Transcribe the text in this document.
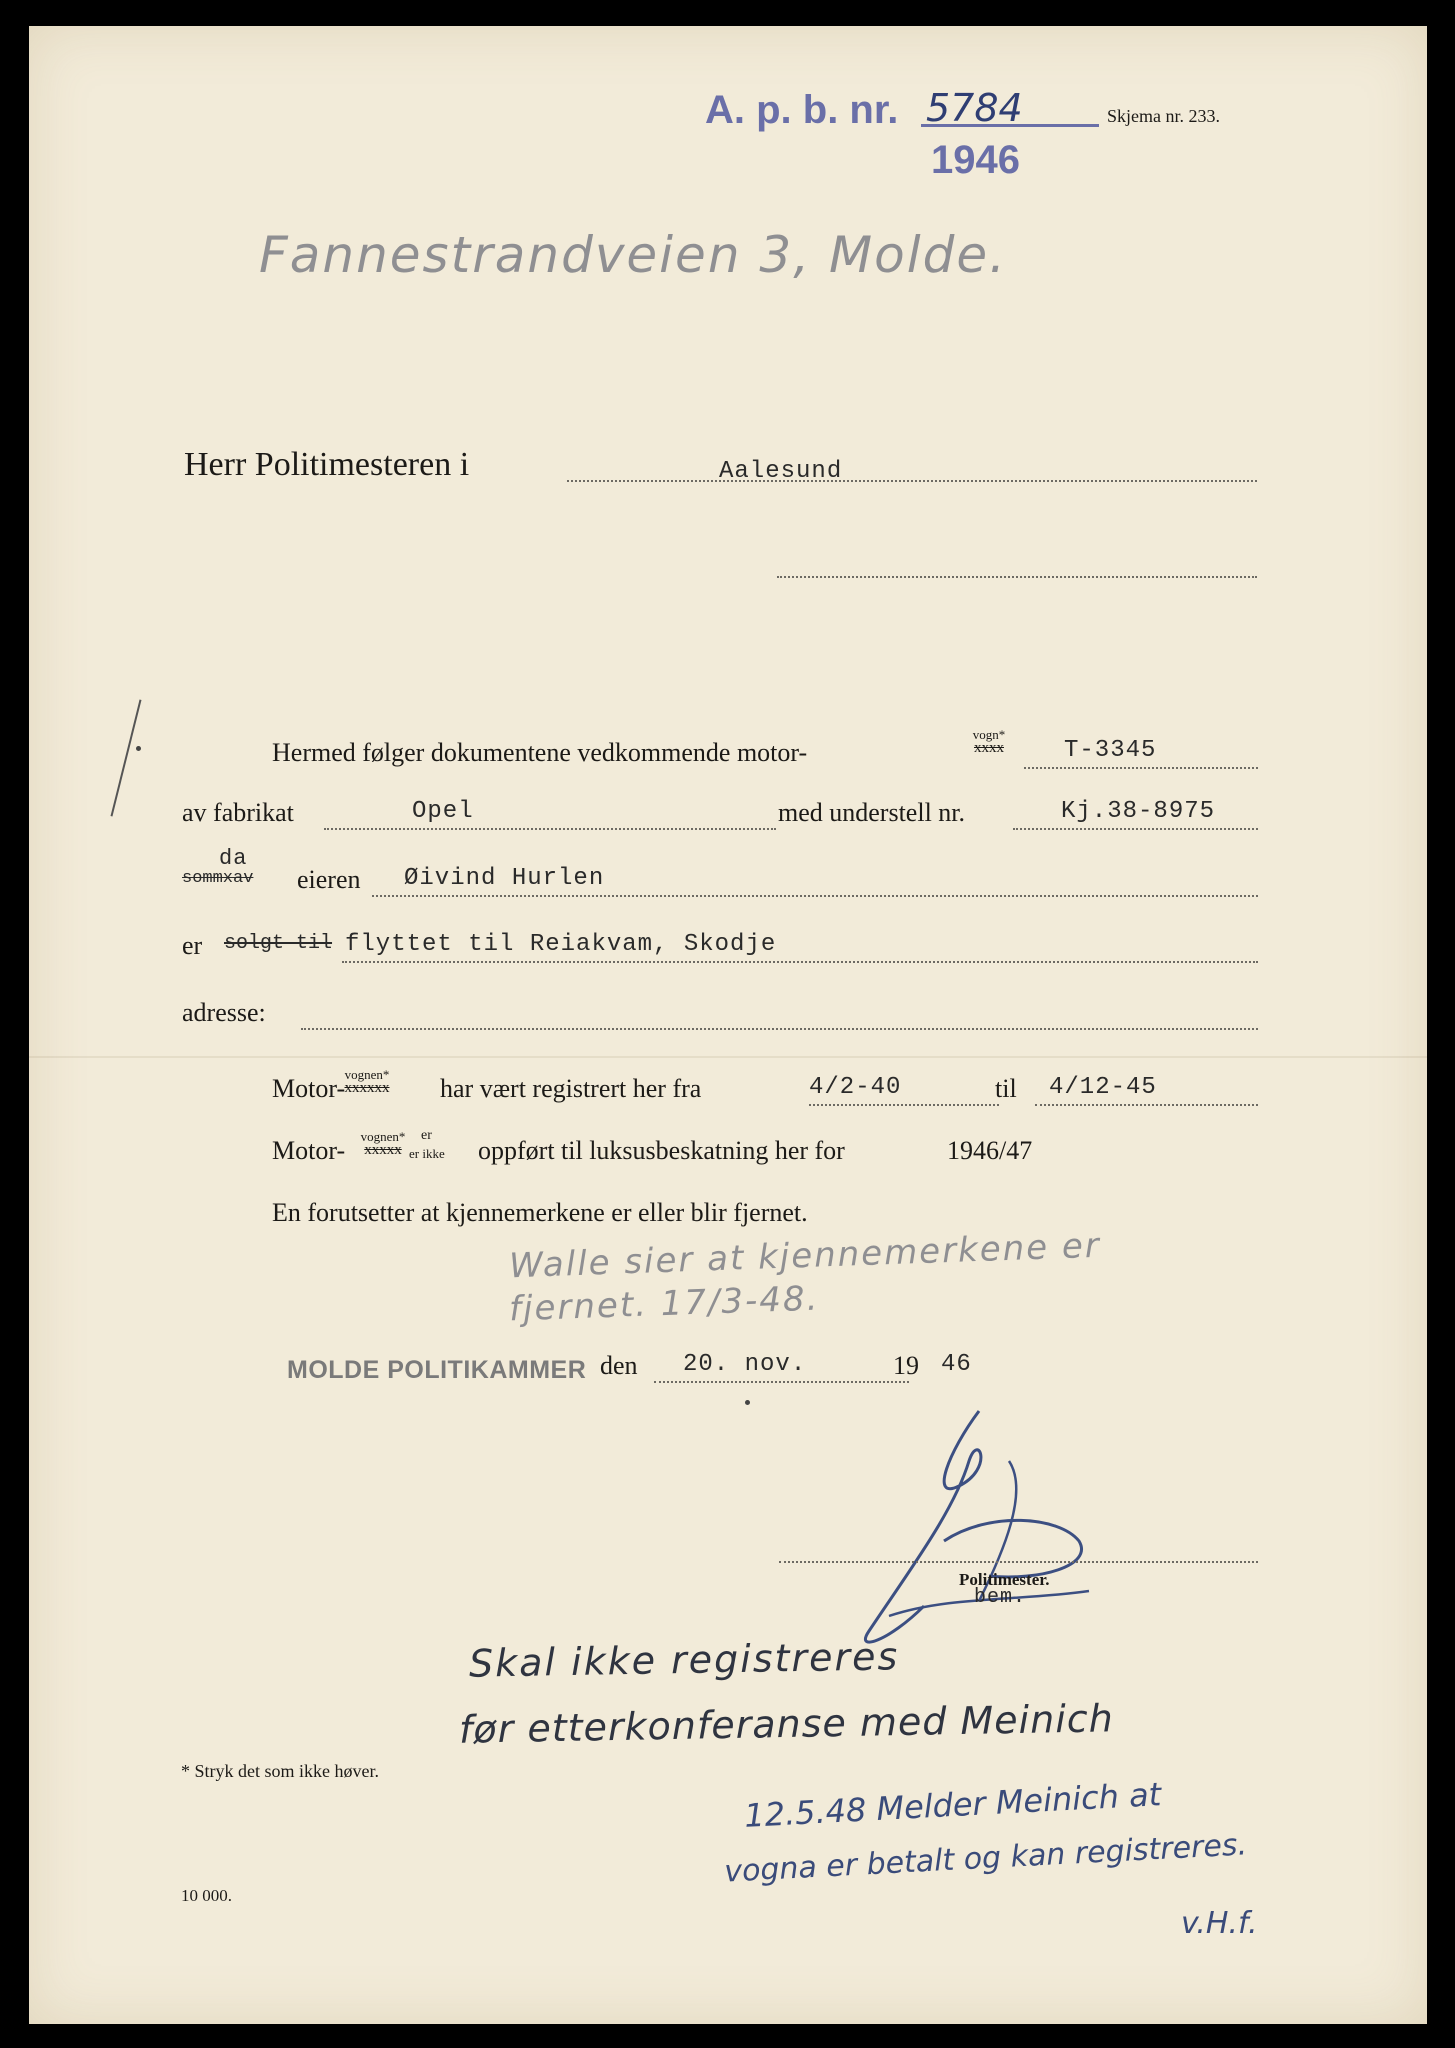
A. p. b. nr. 5784
1946
Skjema nr. 233.
Fannestrandveien 3, Molde.
Herr Politimesteren i	Aalesund
Hermed følger dokumentene vedkommende motor-
vogn*
xxxx	T-3345
av fabrikat	Opel	med understell nr.	Kj.38-8975
da
sommxav eieren Øivind Hurlen
er solgt til flyttet til Reiakvam, Skodje
adresse:
Motor- vognen*
xxxxxx	har vært registrert her fra	4/2-40	til 4/12-45
Motor-	vognen*
xxxxx
er
er ikke oppført til luksusbeskatning her for	1946/47
En forutsetter at kjennemerkene er eller blir fjernet.
Walle sier at kjennemerkene er
fjernet. 17/3-48.
MOLDE POLITIKAMMER den 20. nov.	19 46
Politimester.
bem.
Skal ikke registreres
før etterkonferanse med Meinich
* Stryk det som ikke høver.
12.5.48 Melder Meinich at
vogna er betalt og kan registreres.
v.H.f.
10 000.
